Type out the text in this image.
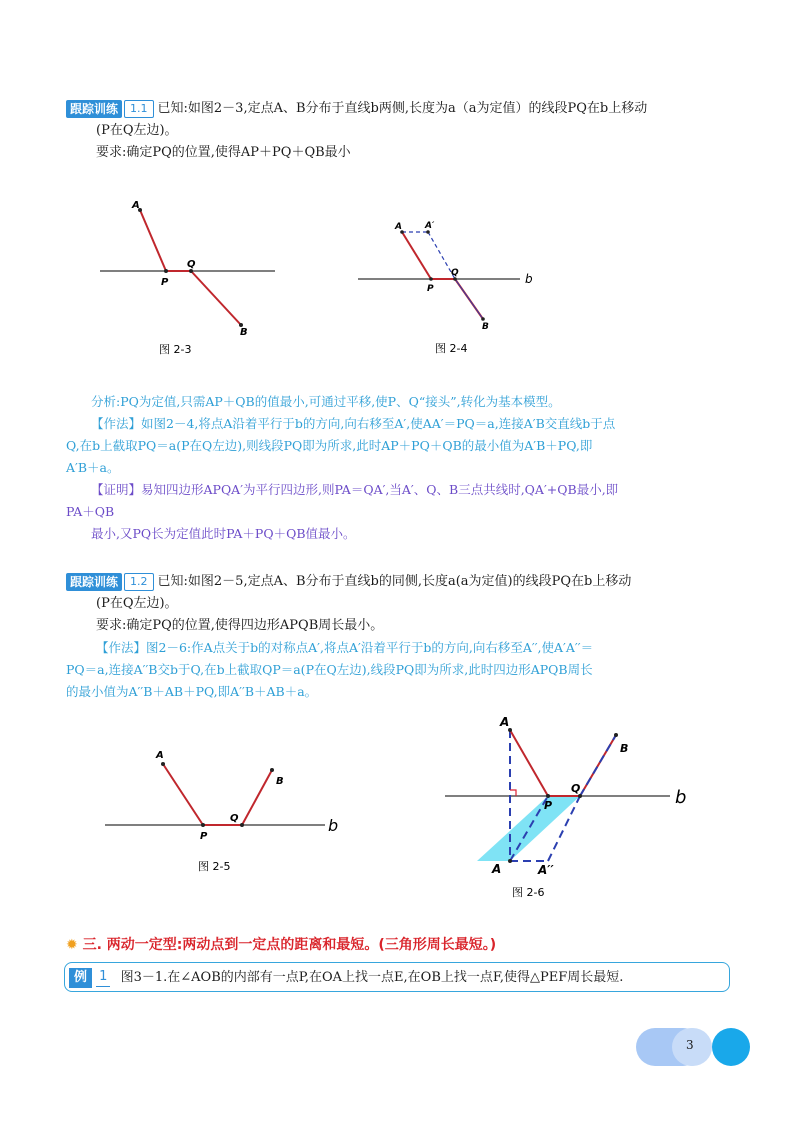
跟踪训练 1.1 已知:如图2－3,定点A、B分布于直线b两侧,长度为a（a为定值）的线段PQ在b上移动
(P在Q左边)。
要求:确定PQ的位置,使得AP＋PQ＋QB最小
A
P
Q
B
图 2-3
A	A′
P
Q
B
b
图 2-4
分析:PQ为定值,只需AP＋QB的值最小,可通过平移,使P、Q“接头”,转化为基本模型。
【作法】如图2－4,将点A沿着平行于b的方向,向右移至A′,使AA′＝PQ＝a,连接A′B交直线b于点
Q,在b上截取PQ＝a(P在Q左边),则线段PQ即为所求,此时AP＋PQ＋QB的最小值为A′B＋PQ,即
A′B＋a。
【证明】易知四边形APQA′为平行四边形,则PA＝QA′,当A′、Q、B三点共线时,QA′+QB最小,即
PA＋QB
最小,又PQ长为定值此时PA＋PQ＋QB值最小。
跟踪训练 1.2 已知:如图2－5,定点A、B分布于直线b的同侧,长度a(a为定值)的线段PQ在b上移动
(P在Q左边)。
要求:确定PQ的位置,使得四边形APQB周长最小。
【作法】图2－6:作A点关于b的对称点A′,将点A′沿着平行于b的方向,向右移至A′′,使A′A′′＝
PQ＝a,连接A′′B交b于Q,在b上截取QP＝a(P在Q左边),线段PQ即为所求,此时四边形APQB周长
的最小值为A′′B＋AB＋PQ,即A′′B＋AB＋a。
A
P
Q
B
b
图 2-5
A
P
Q
B
b
A	A′′
图 2-6
✹ 三. 两动一定型:两动点到一定点的距离和最短。(三角形周长最短。)
例 1 图3－1.在∠AOB的内部有一点P,在OA上找一点E,在OB上找一点F,使得△PEF周长最短.
3
